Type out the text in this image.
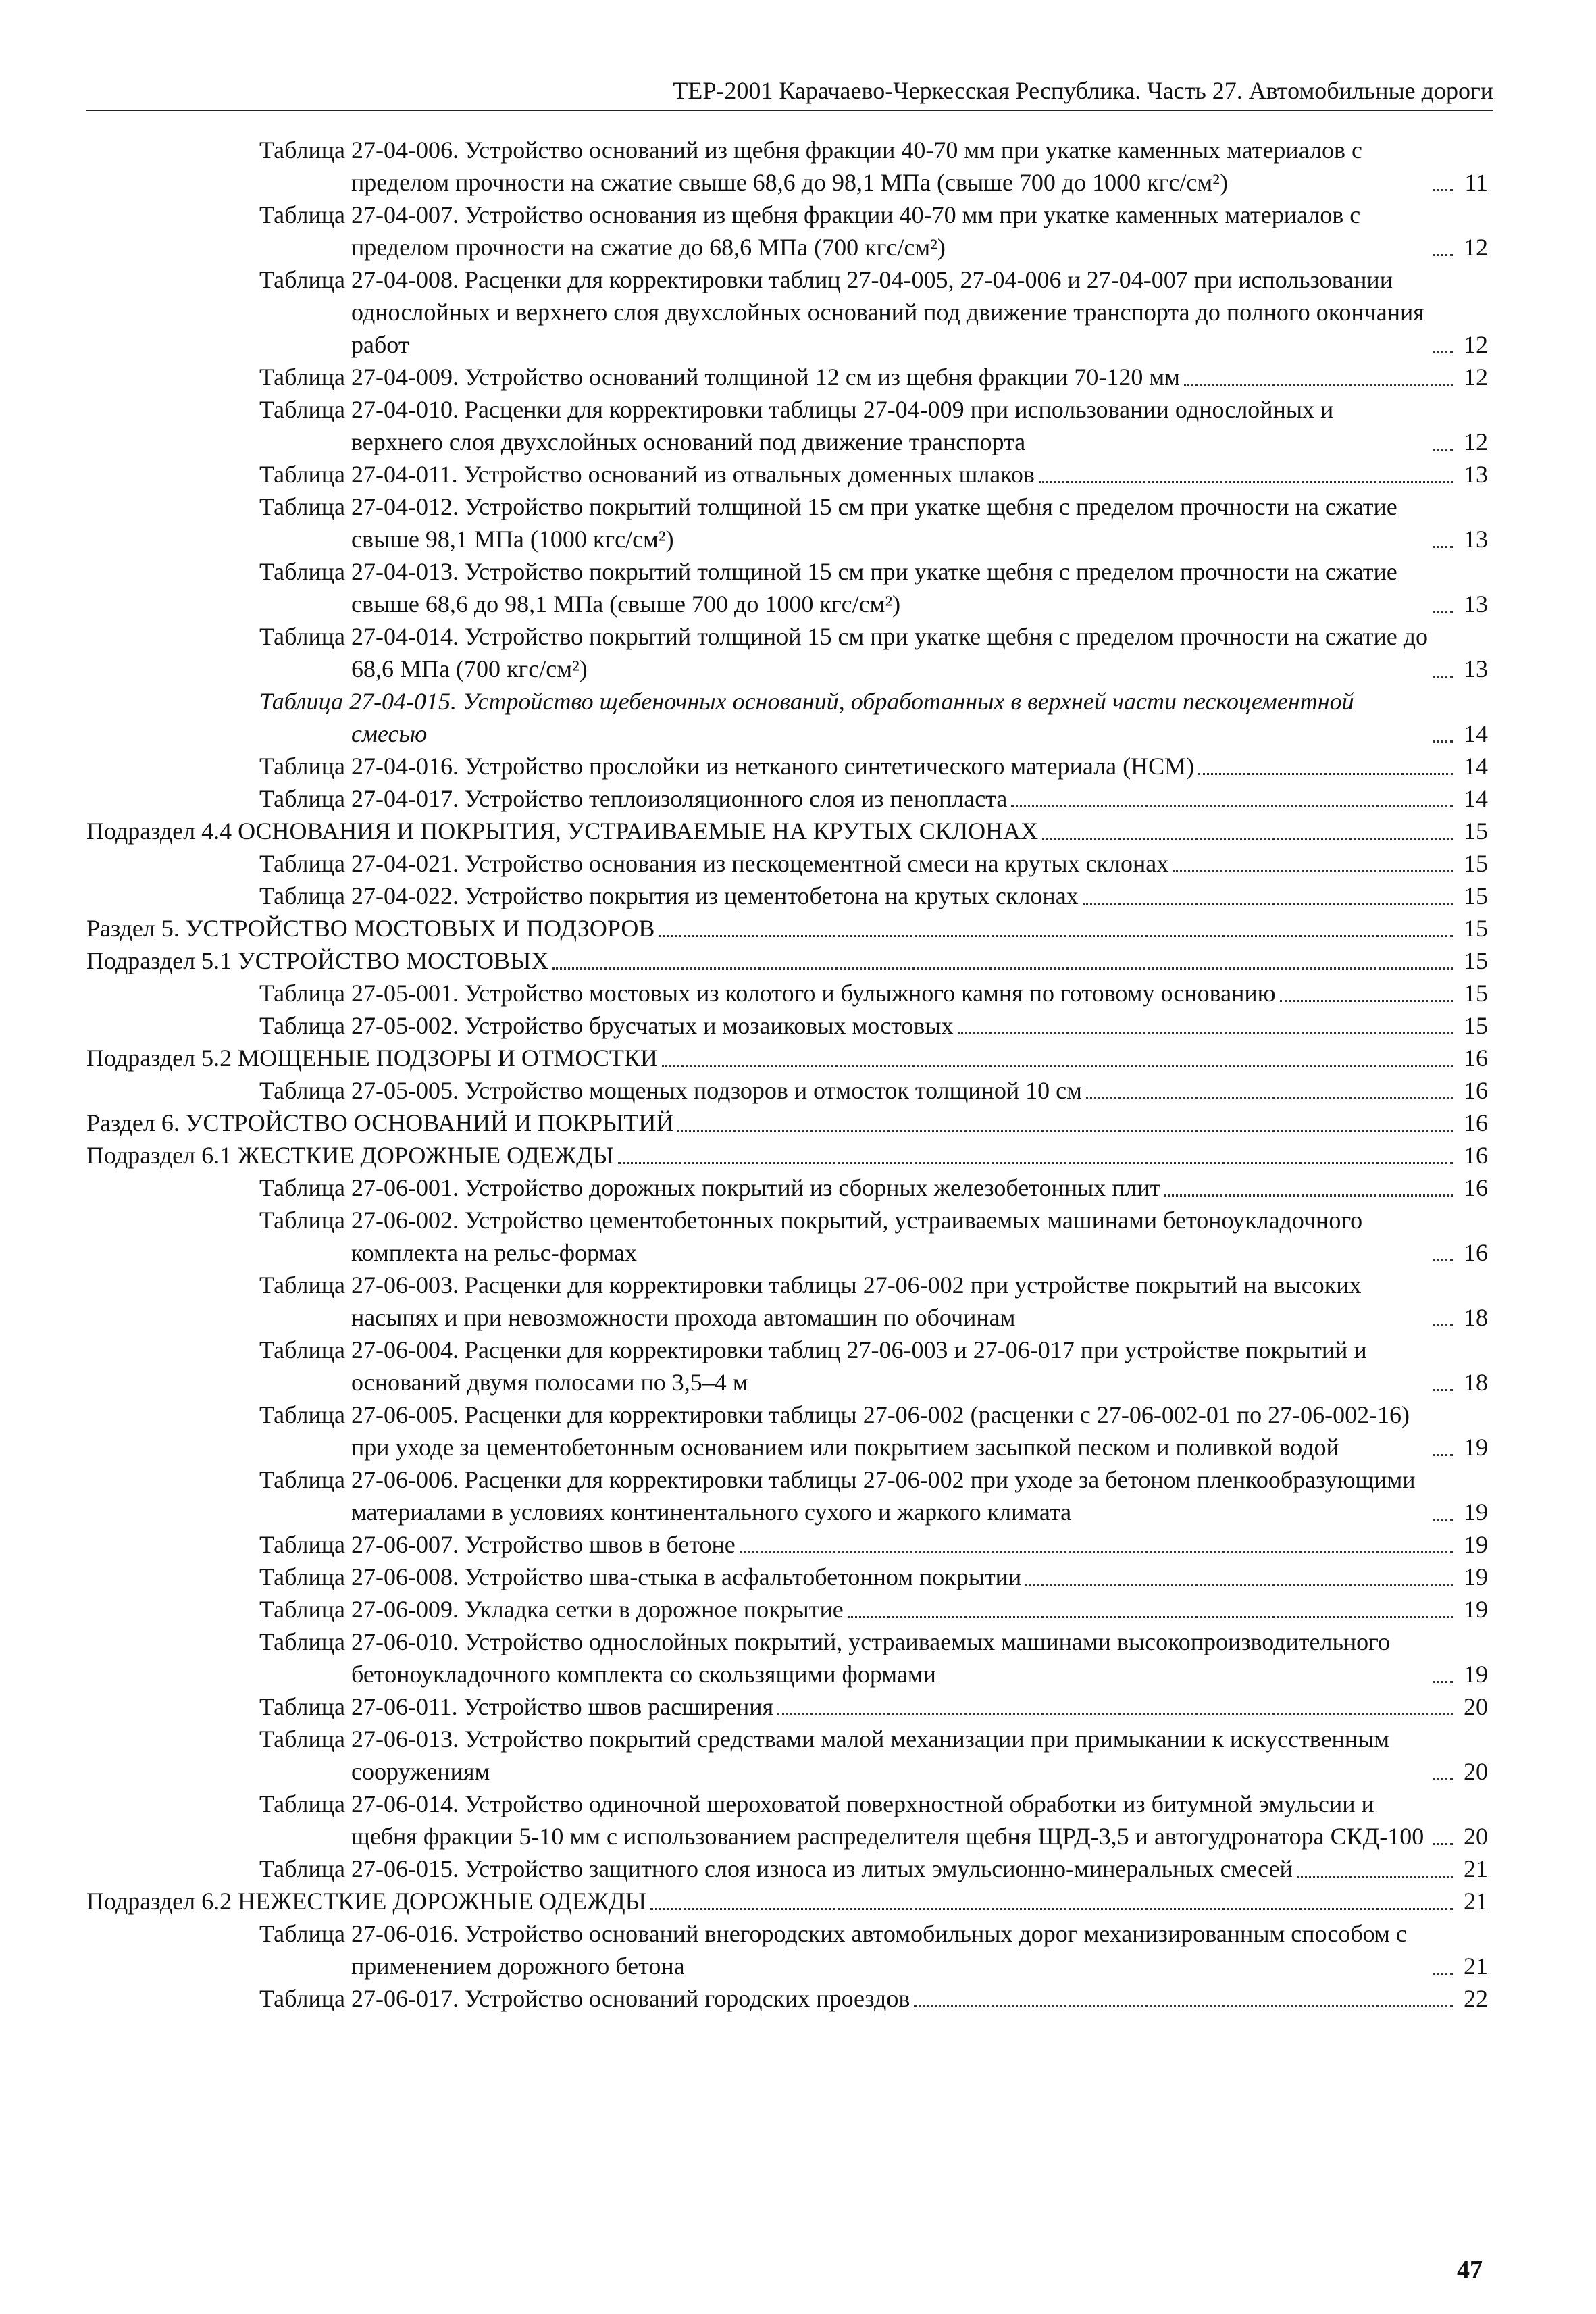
ТЕР-2001 Карачаево-Черкесская Республика. Часть 27. Автомобильные дороги
Таблица 27-04-006. Устройство оснований из щебня фракции 40-70 мм при укатке каменных материалов с пределом прочности на сжатие свыше 68,6 до 98,1 МПа (свыше 700 до 1000 кгс/см²)	11
Таблица 27-04-007. Устройство основания из щебня фракции 40-70 мм при укатке каменных материалов с пределом прочности на сжатие до 68,6 МПа (700 кгс/см²)	12
Таблица 27-04-008. Расценки для корректировки таблиц 27-04-005, 27-04-006 и 27-04-007 при использовании однослойных и верхнего слоя двухслойных оснований под движение транспорта до полного окончания работ	12
Таблица 27-04-009. Устройство оснований толщиной 12 см из щебня фракции 70-120 мм	12
Таблица 27-04-010. Расценки для корректировки таблицы 27-04-009 при использовании однослойных и верхнего слоя двухслойных оснований под движение транспорта	12
Таблица 27-04-011. Устройство оснований из отвальных доменных шлаков	13
Таблица 27-04-012. Устройство покрытий толщиной 15 см при укатке щебня с пределом прочности на сжатие свыше 98,1 МПа (1000 кгс/см²)	13
Таблица 27-04-013. Устройство покрытий толщиной 15 см при укатке щебня с пределом прочности на сжатие свыше 68,6 до 98,1 МПа (свыше 700 до 1000 кгс/см²)	13
Таблица 27-04-014. Устройство покрытий толщиной 15 см при укатке щебня с пределом прочности на сжатие до 68,6 МПа (700 кгс/см²)	13
Таблица 27-04-015. Устройство щебеночных оснований, обработанных в верхней части пескоцементной смесью	14
Таблица 27-04-016. Устройство прослойки из нетканого синтетического материала (НСМ)	14
Таблица 27-04-017. Устройство теплоизоляционного слоя из пенопласта	14
Подраздел 4.4 ОСНОВАНИЯ И ПОКРЫТИЯ, УСТРАИВАЕМЫЕ НА КРУТЫХ СКЛОНАХ	15
Таблица 27-04-021. Устройство основания из пескоцементной смеси на крутых склонах	15
Таблица 27-04-022. Устройство покрытия из цементобетона на крутых склонах	15
Раздел 5. УСТРОЙСТВО МОСТОВЫХ И ПОДЗОРОВ	15
Подраздел 5.1 УСТРОЙСТВО МОСТОВЫХ	15
Таблица 27-05-001. Устройство мостовых из колотого и булыжного камня по готовому основанию	15
Таблица 27-05-002. Устройство брусчатых и мозаиковых мостовых	15
Подраздел 5.2 МОЩЕНЫЕ ПОДЗОРЫ И ОТМОСТКИ	16
Таблица 27-05-005. Устройство мощеных подзоров и отмосток толщиной 10 см	16
Раздел 6. УСТРОЙСТВО ОСНОВАНИЙ И ПОКРЫТИЙ	16
Подраздел 6.1 ЖЕСТКИЕ ДОРОЖНЫЕ ОДЕЖДЫ	16
Таблица 27-06-001. Устройство дорожных покрытий из сборных железобетонных плит	16
Таблица 27-06-002. Устройство цементобетонных покрытий, устраиваемых машинами бетоноукладочного комплекта на рельс-формах	16
Таблица 27-06-003. Расценки для корректировки таблицы 27-06-002 при устройстве покрытий на высоких насыпях и при невозможности прохода автомашин по обочинам	18
Таблица 27-06-004. Расценки для корректировки таблиц 27-06-003 и 27-06-017 при устройстве покрытий и оснований двумя полосами по 3,5–4 м	18
Таблица 27-06-005. Расценки для корректировки таблицы 27-06-002 (расценки с 27-06-002-01 по 27-06-002-16) при уходе за цементобетонным основанием или покрытием засыпкой песком и поливкой водой	19
Таблица 27-06-006. Расценки для корректировки таблицы 27-06-002 при уходе за бетоном пленкообразующими материалами в условиях континентального сухого и жаркого климата	19
Таблица 27-06-007. Устройство швов в бетоне	19
Таблица 27-06-008. Устройство шва-стыка в асфальтобетонном покрытии	19
Таблица 27-06-009. Укладка сетки в дорожное покрытие	19
Таблица 27-06-010. Устройство однослойных покрытий, устраиваемых машинами высокопроизводительного бетоноукладочного комплекта со скользящими формами	19
Таблица 27-06-011. Устройство швов расширения	20
Таблица 27-06-013. Устройство покрытий средствами малой механизации при примыкании к искусственным сооружениям	20
Таблица 27-06-014. Устройство одиночной шероховатой поверхностной обработки из битумной эмульсии и щебня фракции 5-10 мм с использованием распределителя щебня ЩРД-3,5 и автогудронатора СКД-100 20
Таблица 27-06-015. Устройство защитного слоя износа из литых эмульсионно-минеральных смесей	21
Подраздел 6.2 НЕЖЕСТКИЕ ДОРОЖНЫЕ ОДЕЖДЫ	21
Таблица 27-06-016. Устройство оснований внегородских автомобильных дорог механизированным способом с применением дорожного бетона	21
Таблица 27-06-017. Устройство оснований городских проездов	22
47
